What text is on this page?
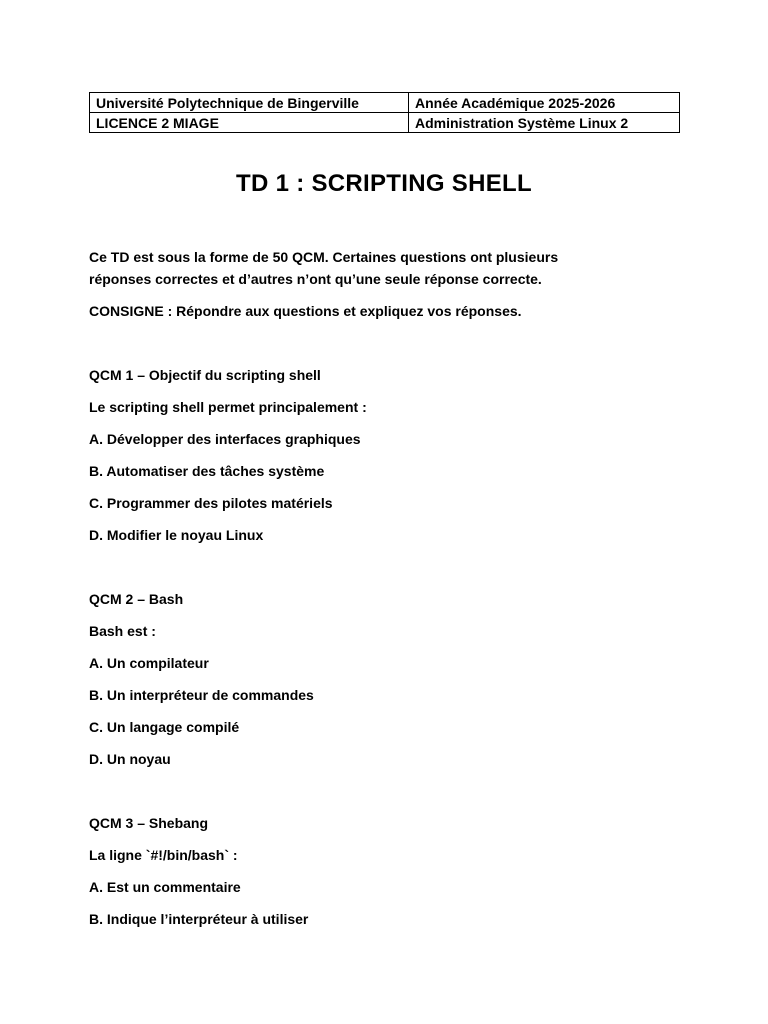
Université Polytechnique de Bingerville	Année Académique 2025-2026
LICENCE 2 MIAGE	Administration Système Linux 2
TD 1 : SCRIPTING SHELL
Ce TD est sous la forme de 50 QCM. Certaines questions ont plusieurs
réponses correctes et d’autres n’ont qu’une seule réponse correcte.
CONSIGNE : Répondre aux questions et expliquez vos réponses.
QCM 1 – Objectif du scripting shell
Le scripting shell permet principalement :
A. Développer des interfaces graphiques
B. Automatiser des tâches système
C. Programmer des pilotes matériels
D. Modifier le noyau Linux
QCM 2 – Bash
Bash est :
A. Un compilateur
B. Un interpréteur de commandes
C. Un langage compilé
D. Un noyau
QCM 3 – Shebang
La ligne `#!/bin/bash` :
A. Est un commentaire
B. Indique l’interpréteur à utiliser
